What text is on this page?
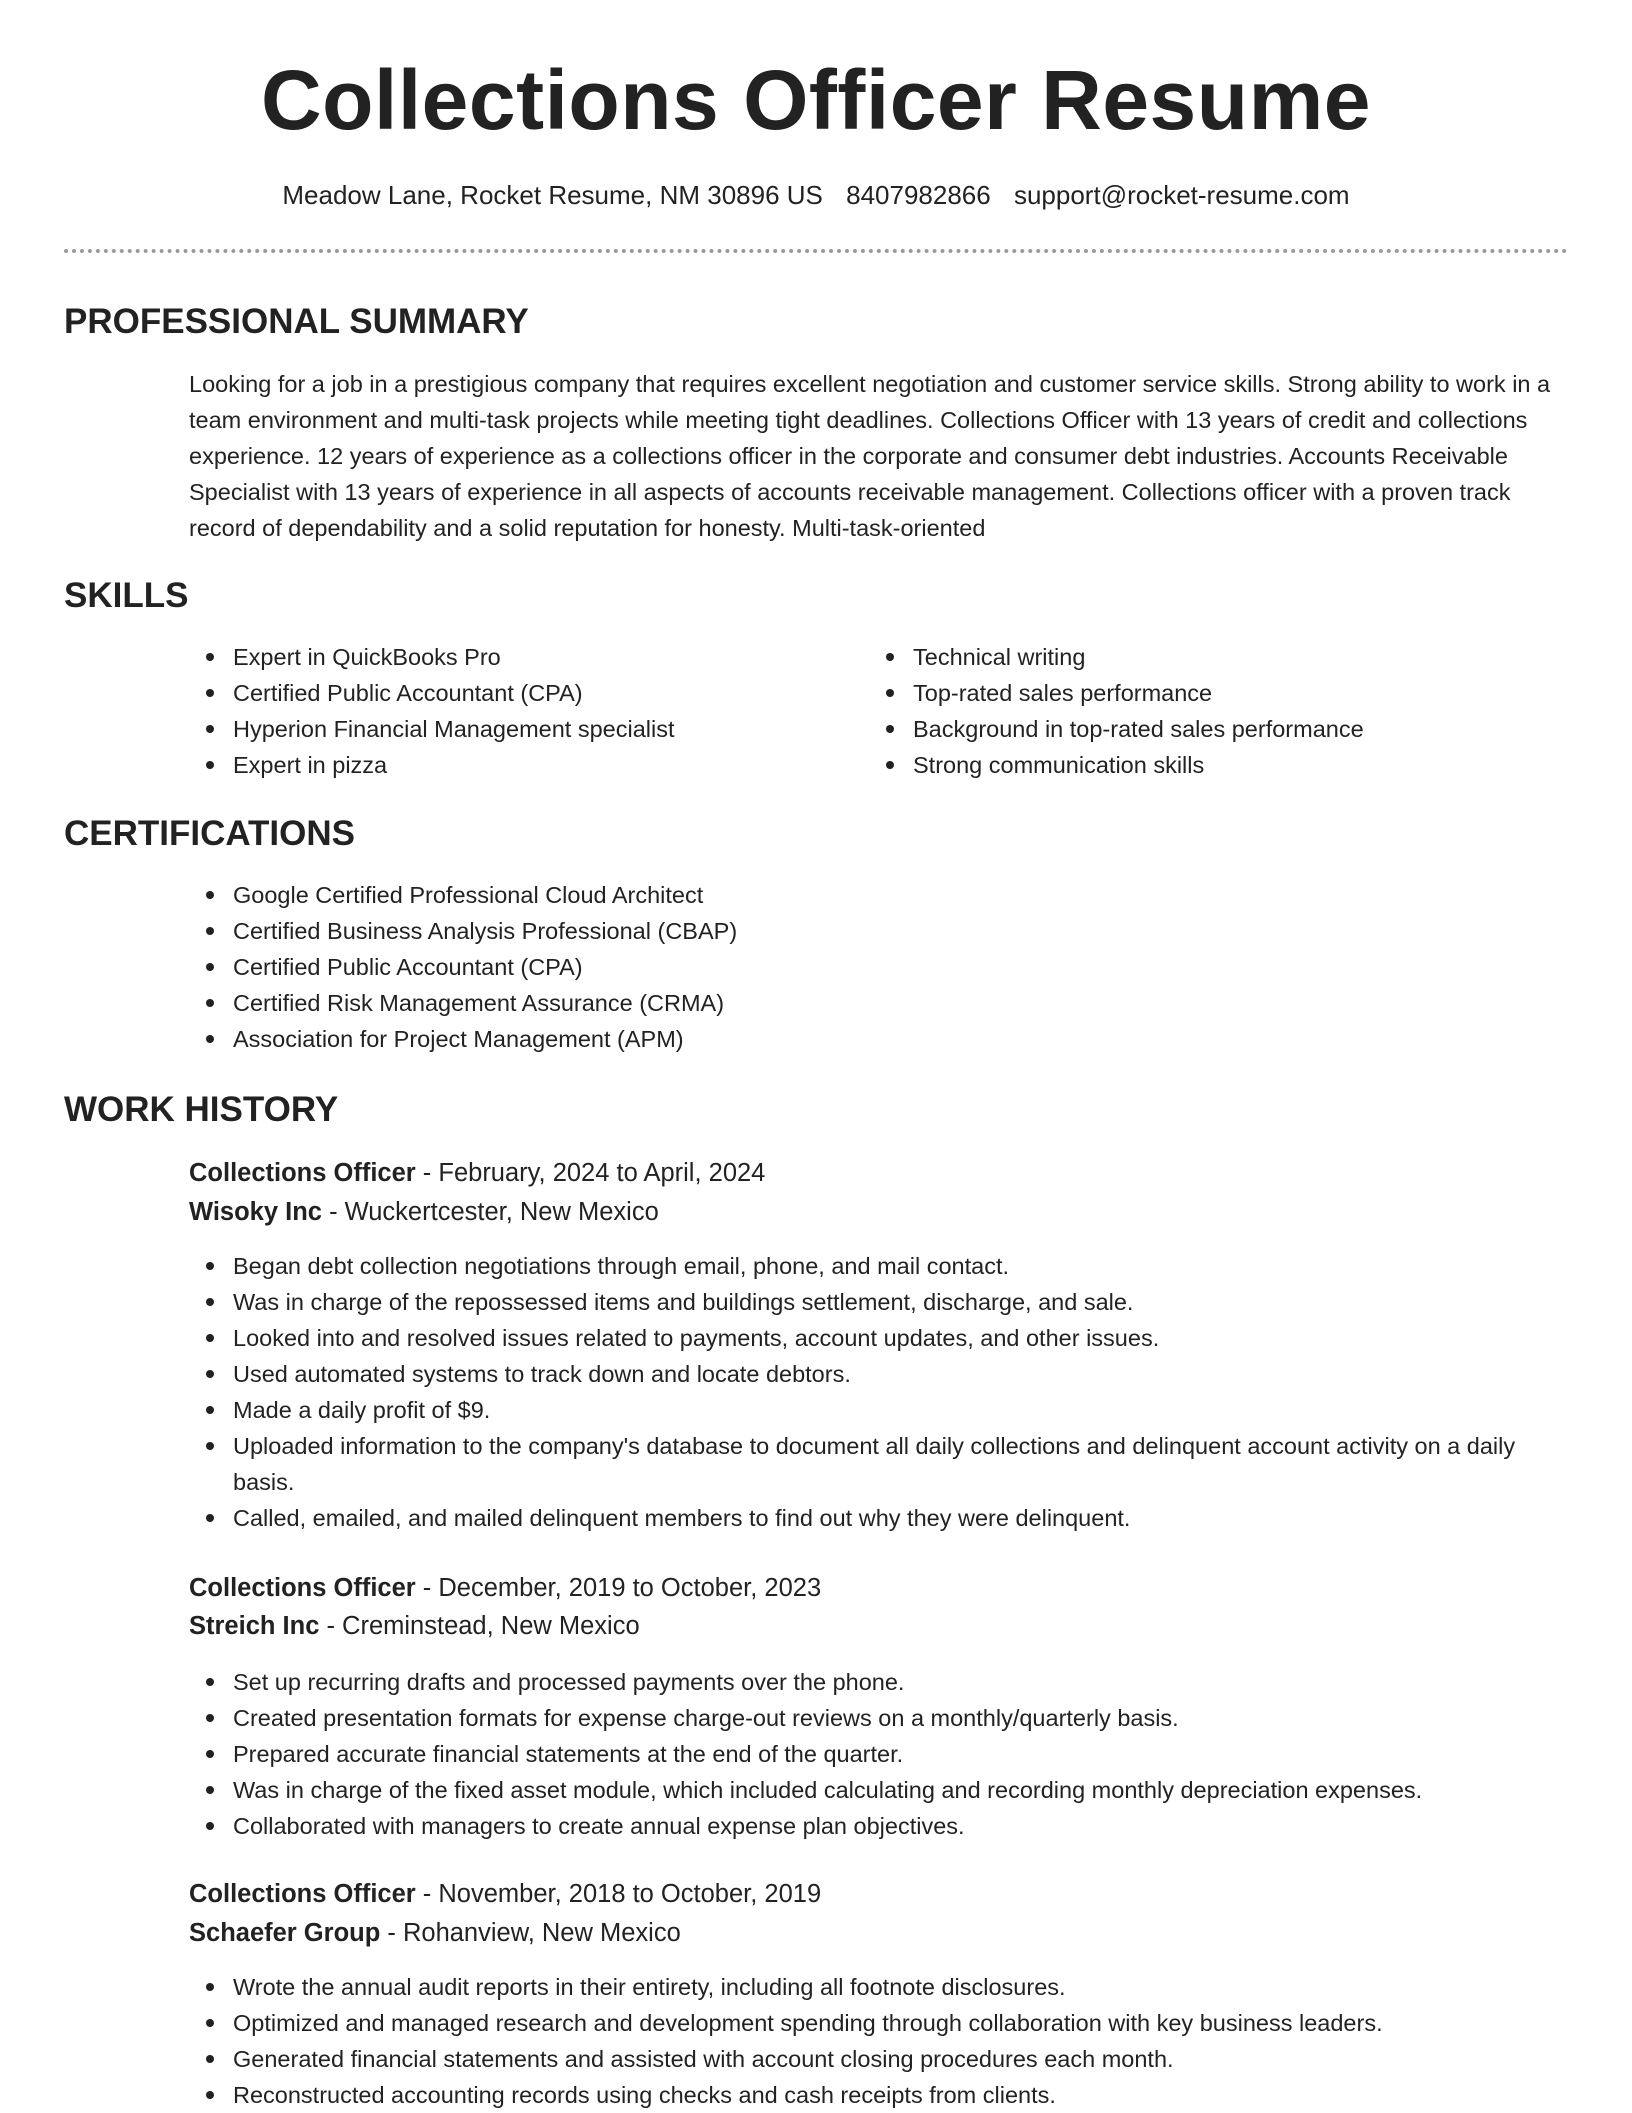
Collections Officer Resume
Meadow Lane, Rocket Resume, NM 30896 US 8407982866 support@rocket-resume.com
PROFESSIONAL SUMMARY
Looking for a job in a prestigious company that requires excellent negotiation and customer service skills. Strong ability to work in a team environment and multi-task projects while meeting tight deadlines. Collections Officer with 13 years of credit and collections experience. 12 years of experience as a collections officer in the corporate and consumer debt industries. Accounts Receivable Specialist with 13 years of experience in all aspects of accounts receivable management. Collections officer with a proven track record of dependability and a solid reputation for honesty. Multi-task-oriented
SKILLS
Expert in QuickBooks Pro
Certified Public Accountant (CPA)
Hyperion Financial Management specialist
Expert in pizza
Technical writing
Top-rated sales performance
Background in top-rated sales performance
Strong communication skills
CERTIFICATIONS
Google Certified Professional Cloud Architect
Certified Business Analysis Professional (CBAP)
Certified Public Accountant (CPA)
Certified Risk Management Assurance (CRMA)
Association for Project Management (APM)
WORK HISTORY
Collections Officer - February, 2024 to April, 2024
Wisoky Inc - Wuckertcester, New Mexico
Began debt collection negotiations through email, phone, and mail contact.
Was in charge of the repossessed items and buildings settlement, discharge, and sale.
Looked into and resolved issues related to payments, account updates, and other issues.
Used automated systems to track down and locate debtors.
Made a daily profit of $9.
Uploaded information to the company's database to document all daily collections and delinquent account activity on a daily basis.
Called, emailed, and mailed delinquent members to find out why they were delinquent.
Collections Officer - December, 2019 to October, 2023
Streich Inc - Creminstead, New Mexico
Set up recurring drafts and processed payments over the phone.
Created presentation formats for expense charge-out reviews on a monthly/quarterly basis.
Prepared accurate financial statements at the end of the quarter.
Was in charge of the fixed asset module, which included calculating and recording monthly depreciation expenses.
Collaborated with managers to create annual expense plan objectives.
Collections Officer - November, 2018 to October, 2019
Schaefer Group - Rohanview, New Mexico
Wrote the annual audit reports in their entirety, including all footnote disclosures.
Optimized and managed research and development spending through collaboration with key business leaders.
Generated financial statements and assisted with account closing procedures each month.
Reconstructed accounting records using checks and cash receipts from clients.
